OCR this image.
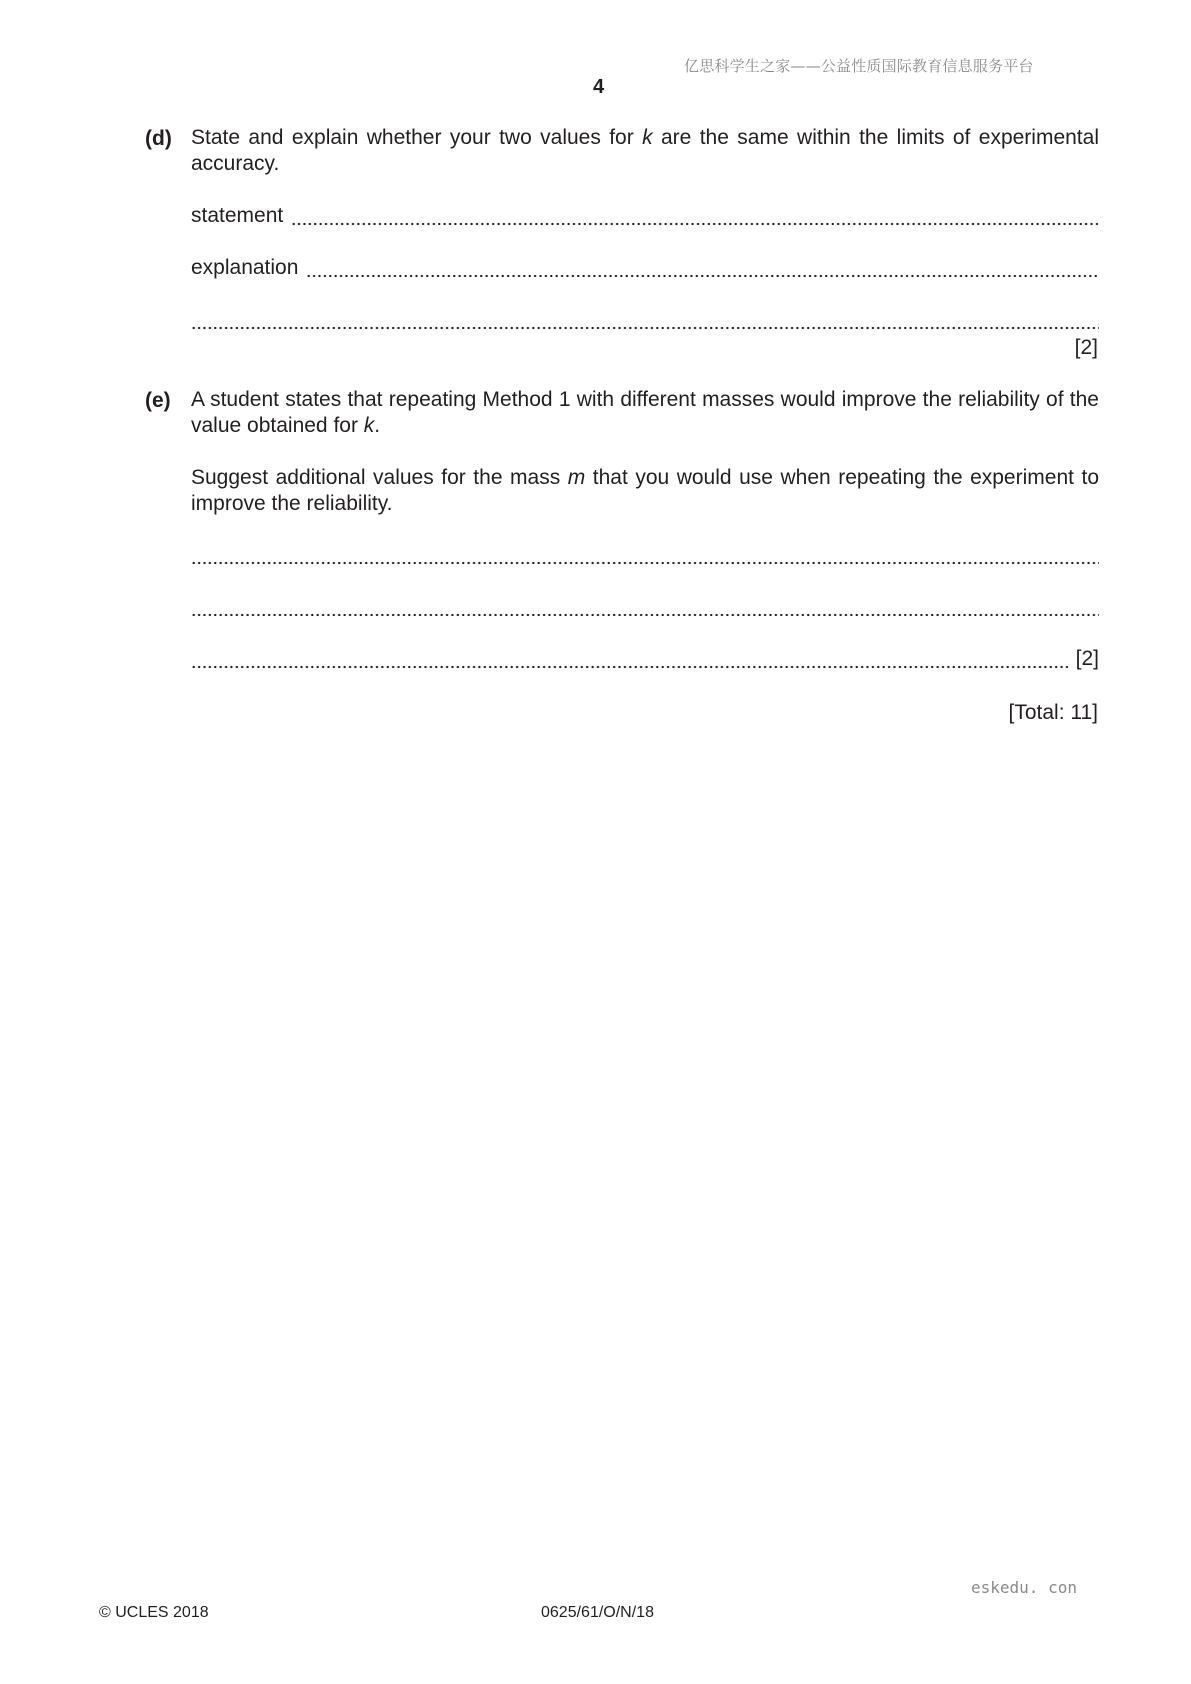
亿思科学生之家——公益性质国际教育信息服务平台
4
(d) State and explain whether your two values for k are the same within the limits of experimental accuracy.

statement
explanation
[2]
(e) A student states that repeating Method 1 with different masses would improve the reliability of the value obtained for k.

Suggest additional values for the mass m that you would use when repeating the experiment to improve the reliability.

[2]
[Total: 11]
eskedu. con
© UCLES 2018	0625/61/O/N/18
